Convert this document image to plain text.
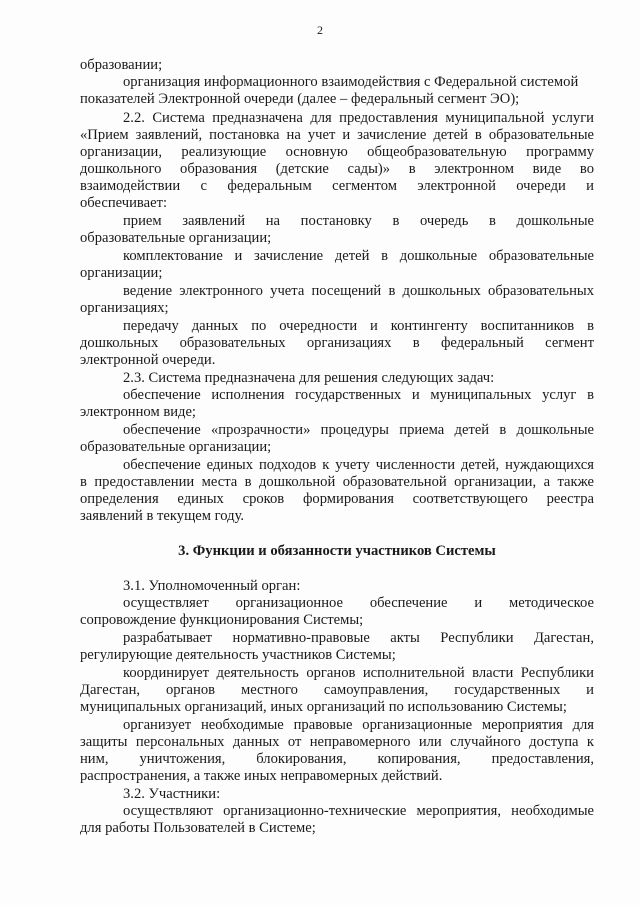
2
образовании;
организация информационного взаимодействия с Федеральной системой
показателей Электронной очереди (далее – федеральный сегмент ЭО);
2.2. Система предназначена для предоставления муниципальной услуги
«Прием заявлений, постановка на учет и зачисление детей в образовательные
организации, реализующие основную общеобразовательную программу
дошкольного образования (детские сады)» в электронном виде во
взаимодействии с федеральным сегментом электронной очереди и
обеспечивает:
прием заявлений на постановку в очередь в дошкольные
образовательные организации;
комплектование и зачисление детей в дошкольные образовательные
организации;
ведение электронного учета посещений в дошкольных образовательных
организациях;
передачу данных по очередности и контингенту воспитанников в
дошкольных образовательных организациях в федеральный сегмент
электронной очереди.
2.3. Система предназначена для решения следующих задач:
обеспечение исполнения государственных и муниципальных услуг в
электронном виде;
обеспечение «прозрачности» процедуры приема детей в дошкольные
образовательные организации;
обеспечение единых подходов к учету численности детей, нуждающихся
в предоставлении места в дошкольной образовательной организации, а также
определения единых сроков формирования соответствующего реестра
заявлений в текущем году.
3. Функции и обязанности участников Системы
3.1. Уполномоченный орган:
осуществляет организационное обеспечение и методическое
сопровождение функционирования Системы;
разрабатывает нормативно-правовые акты Республики Дагестан,
регулирующие деятельность участников Системы;
координирует деятельность органов исполнительной власти Республики
Дагестан, органов местного самоуправления, государственных и
муниципальных организаций, иных организаций по использованию Системы;
организует необходимые правовые организационные мероприятия для
защиты персональных данных от неправомерного или случайного доступа к
ним, уничтожения, блокирования, копирования, предоставления,
распространения, а также иных неправомерных действий.
3.2. Участники:
осуществляют организационно-технические мероприятия, необходимые
для работы Пользователей в Системе;
